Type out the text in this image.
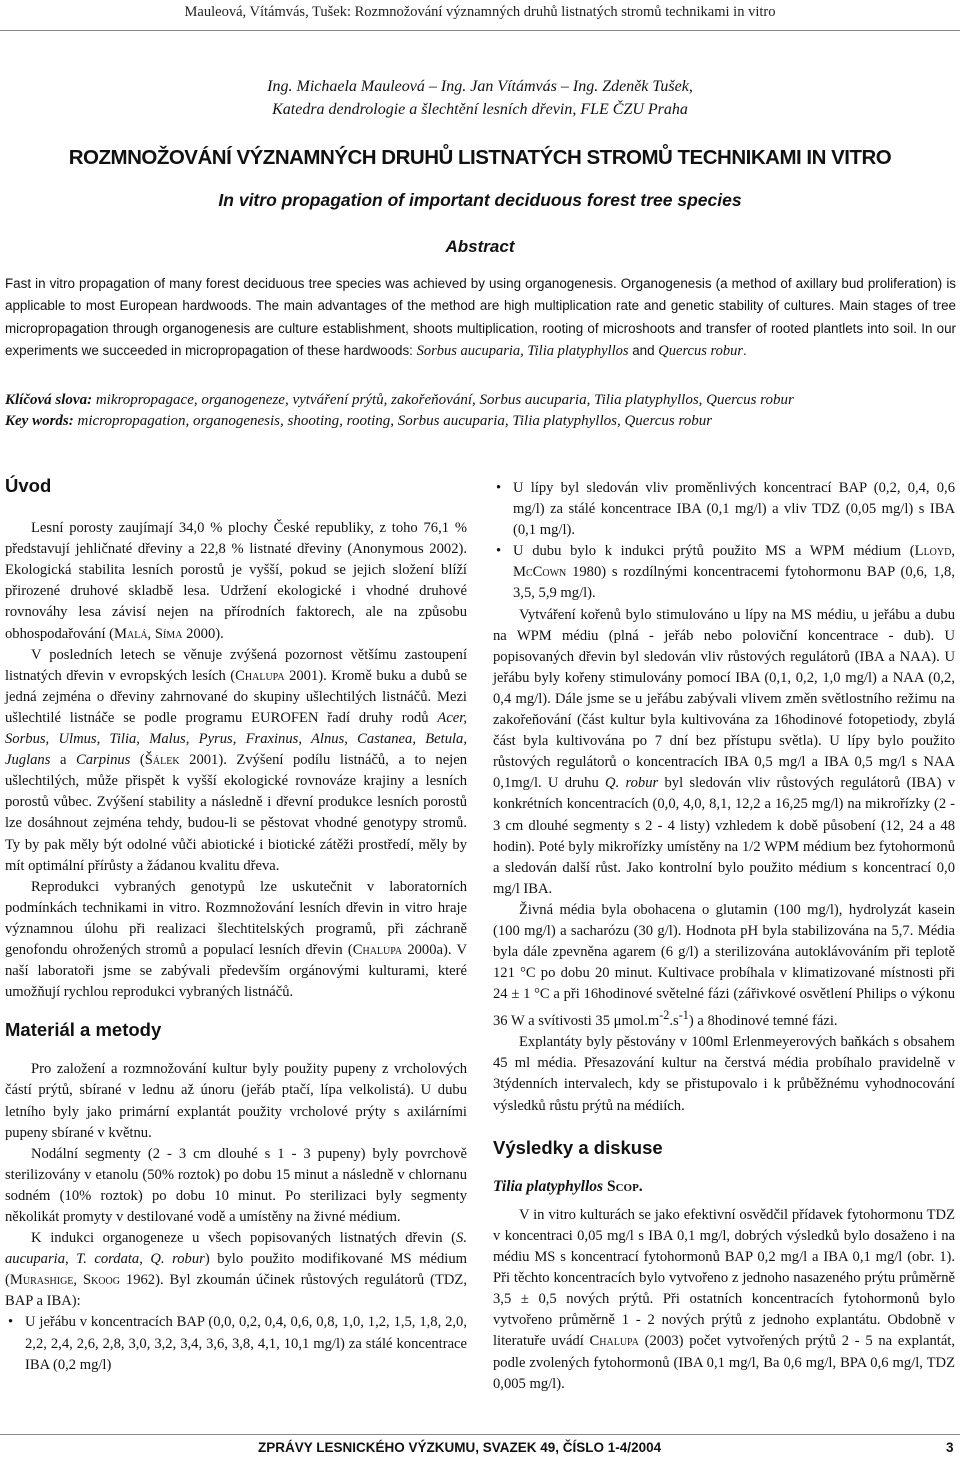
Mauleová, Vítámvás, Tušek: Rozmnožování významných druhů listnatých stromů technikami in vitro
Ing. Michaela Mauleová – Ing. Jan Vítámvás – Ing. Zdeněk Tušek,
Katedra dendrologie a šlechtění lesních dřevin, FLE ČZU Praha
ROZMNOŽOVÁNÍ VÝZNAMNÝCH DRUHŮ LISTNATÝCH STROMŮ TECHNIKAMI IN VITRO
In vitro propagation of important deciduous forest tree species
Abstract
Fast in vitro propagation of many forest deciduous tree species was achieved by using organogenesis. Organogenesis (a method of axillary bud proliferation) is applicable to most European hardwoods. The main advantages of the method are high multiplication rate and genetic stability of cultures. Main stages of tree micropropagation through organogenesis are culture establishment, shoots multiplication, rooting of microshoots and transfer of rooted plantlets into soil. In our experiments we succeeded in micropropagation of these hardwoods: Sorbus aucuparia, Tilia platyphyllos and Quercus robur.
Klíčová slova: mikropropagace, organogeneze, vytváření prýtů, zakořeňování, Sorbus aucuparia, Tilia platyphyllos, Quercus robur
Key words: micropropagation, organogenesis, shooting, rooting, Sorbus aucuparia, Tilia platyphyllos, Quercus robur
Úvod

Lesní porosty zaujímají 34,0 % plochy České republiky, z toho 76,1 % představují jehličnaté dřeviny a 22,8 % listnaté dřeviny (Anonymous 2002). Ekologická stabilita lesních porostů je vyšší, pokud se jejich složení blíží přirozené druhové skladbě lesa. Udržení ekologické i vhodné druhové rovnováhy lesa závisí nejen na přírodních faktorech, ale na způsobu obhospodařování (Malá, Síma 2000).

V posledních letech se věnuje zvýšená pozornost většímu zastoupení listnatých dřevin v evropských lesích (Chalupa 2001). Kromě buku a dubů se jedná zejména o dřeviny zahrnované do skupiny ušlechtilých listnáčů. Mezi ušlechtilé listnáče se podle programu EUROFEN řadí druhy rodů Acer, Sorbus, Ulmus, Tilia, Malus, Pyrus, Fraxinus, Alnus, Castanea, Betula, Juglans a Carpinus (Šálek 2001). Zvýšení podílu listnáčů, a to nejen ušlechtilých, může přispět k vyšší ekologické rovnováze krajiny a lesních porostů vůbec. Zvýšení stability a následně i dřevní produkce lesních porostů lze dosáhnout zejména tehdy, budou-li se pěstovat vhodné genotypy stromů. Ty by pak měly být odolné vůči abiotické i biotické zátěži prostředí, měly by mít optimální přírůsty a žádanou kvalitu dřeva.

Reprodukci vybraných genotypů lze uskutečnit v laboratorních podmínkách technikami in vitro. Rozmnožování lesních dřevin in vitro hraje významnou úlohu při realizaci šlechtitelských programů, při záchraně genofondu ohrožených stromů a populací lesních dřevin (Chalupa 2000a). V naší laboratoři jsme se zabývali především orgánovými kulturami, které umožňují rychlou reprodukci vybraných listnáčů.

Materiál a metody

Pro založení a rozmnožování kultur byly použity pupeny z vrcholových částí prýtů, sbírané v lednu až únoru (jeřáb ptačí, lípa velkolistá). U dubu letního byly jako primární explantát použity vrcholové prýty s axilárními pupeny sbírané v květnu.

Nodální segmenty (2 - 3 cm dlouhé s 1 - 3 pupeny) byly povrchově sterilizovány v etanolu (50% roztok) po dobu 15 minut a následně v chlornanu sodném (10% roztok) po dobu 10 minut. Po sterilizaci byly segmenty několikát promyty v destilované vodě a umístěny na živné médium.

K indukci organogeneze u všech popisovaných listnatých dřevin (S. aucuparia, T. cordata, Q. robur) bylo použito modifikované MS médium (Murashige, Skoog 1962). Byl zkoumán účinek růstových regulátorů (TDZ, BAP a IBA):

• U jeřábu v koncentracích BAP (0,0, 0,2, 0,4, 0,6, 0,8, 1,0, 1,2, 1,5, 1,8, 2,0, 2,2, 2,4, 2,6, 2,8, 3,0, 3,2, 3,4, 3,6, 3,8, 4,1, 10,1 mg/l) za stálé koncentrace IBA (0,2 mg/l)
• U lípy byl sledován vliv proměnlivých koncentrací BAP (0,2, 0,4, 0,6 mg/l) za stálé koncentrace IBA (0,1 mg/l) a vliv TDZ (0,05 mg/l) s IBA (0,1 mg/l).
• U dubu bylo k indukci prýtů použito MS a WPM médium (Lloyd, McCown 1980) s rozdílnými koncentracemi fytohormonu BAP (0,6, 1,8, 3,5, 5,9 mg/l).

Vytváření kořenů bylo stimulováno u lípy na MS médiu, u jeřábu a dubu na WPM médiu (plná - jeřáb nebo poloviční koncentrace - dub). U popisovaných dřevin byl sledován vliv růstových regulátorů (IBA a NAA). U jeřábu byly kořeny stimulovány pomocí IBA (0,1, 0,2, 1,0 mg/l) a NAA (0,2, 0,4 mg/l). Dále jsme se u jeřábu zabývali vlivem změn světlostního režimu na zakořeňování (část kultur byla kultivována za 16hodinové fotopetiody, zbylá část byla kultivována po 7 dní bez přístupu světla). U lípy bylo použito růstových regulátorů o koncentracích IBA 0,5 mg/l a IBA 0,5 mg/l s NAA 0,1mg/l. U druhu Q. robur byl sledován vliv růstových regulátorů (IBA) v konkrétních koncentracích (0,0, 4,0, 8,1, 12,2 a 16,25 mg/l) na mikrořízky (2 - 3 cm dlouhé segmenty s 2 - 4 listy) vzhledem k době působení (12, 24 a 48 hodin). Poté byly mikrořízky umístěny na 1/2 WPM médium bez fytohormonů a sledován další růst. Jako kontrolní bylo použito médium s koncentrací 0,0 mg/l IBA.

Živná média byla obohacena o glutamin (100 mg/l), hydrolyzát kasein (100 mg/l) a sacharózu (30 g/l). Hodnota pH byla stabilizována na 5,7. Média byla dále zpevněna agarem (6 g/l) a sterilizována autoklávováním při teplotě 121 °C po dobu 20 minut. Kultivace probíhala v klimatizované místnosti při 24 ± 1 °C a při 16hodinové světelné fázi (zářivkové osvětlení Philips o výkonu 36 W a svítivosti 35 $\mu mol.m^{-2}.s^{-1}$) a 8hodinové temné fázi.

Explantáty byly pěstovány v 100ml Erlenmeyerových baňkách s obsahem 45 ml média. Přesazování kultur na čerstvá média probíhalo pravidelně v 3týdenních intervalech, kdy se přistupovalo i k průběžnému vyhodnocování výsledků růstu prýtů na médiích.

Výsledky a diskuse
Tilia platyphyllos Scop.

V in vitro kulturách se jako efektivní osvědčil přídavek fytohormonu TDZ v koncentraci 0,05 mg/l s IBA 0,1 mg/l, dobrých výsledků bylo dosaženo i na médiu MS s koncentrací fytohormonů BAP 0,2 mg/l a IBA 0,1 mg/l (obr. 1). Při těchto koncentracích bylo vytvořeno z jednoho nasazeného prýtu průměrně 3,5 ± 0,5 nových prýtů. Při ostatních koncentracích fytohormonů bylo vytvořeno průměrně 1 - 2 nových prýtů z jednoho explantátu. Obdobně v literatuře uvádí Chalupa (2003) počet vytvořených prýtů 2 - 5 na explantát, podle zvolených fytohormonů (IBA 0,1 mg/l, Ba 0,6 mg/l, BPA 0,6 mg/l, TDZ 0,005 mg/l).

ZPRÁVY LESNICKÉHO VÝZKUMU, SVAZEK 49, ČÍSLO 1-4/2004	3
